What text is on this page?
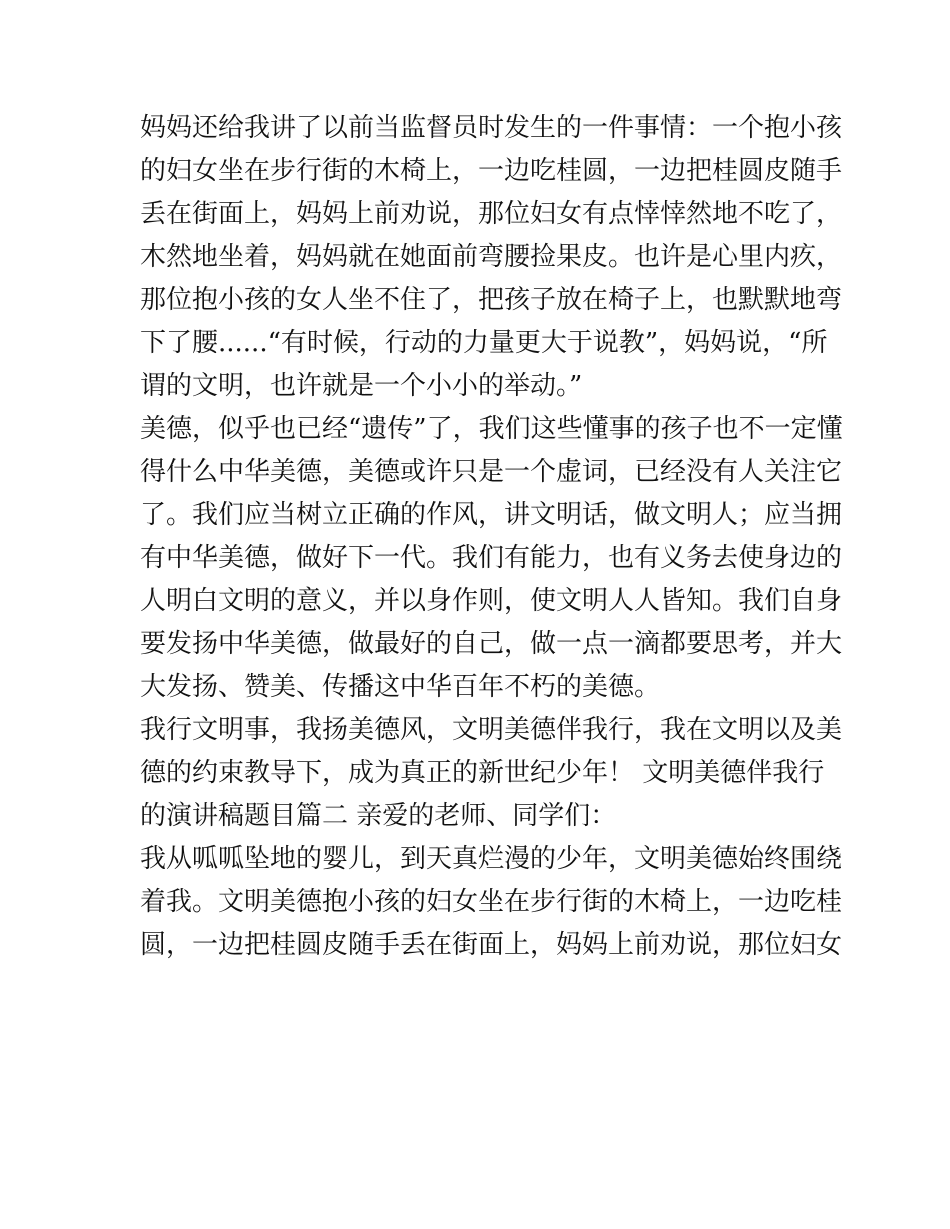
妈妈还给我讲了以前当监督员时发生的一件事情：一个抱小孩
的妇女坐在步行街的木椅上，一边吃桂圆，一边把桂圆皮随手
丢在街面上，妈妈上前劝说，那位妇女有点悻悻然地不吃了，
木然地坐着，妈妈就在她面前弯腰捡果皮。也许是心里内疚，
那位抱小孩的女人坐不住了，把孩子放在椅子上，也默默地弯
下了腰......“有时候，行动的力量更大于说教”，妈妈说，“所
谓的文明，也许就是一个小小的举动。”
美德，似乎也已经“遗传”了，我们这些懂事的孩子也不一定懂
得什么中华美德，美德或许只是一个虚词，已经没有人关注它
了。我们应当树立正确的作风，讲文明话，做文明人；应当拥
有中华美德，做好下一代。我们有能力，也有义务去使身边的
人明白文明的意义，并以身作则，使文明人人皆知。我们自身
要发扬中华美德，做最好的自己，做一点一滴都要思考，并大
大发扬、赞美、传播这中华百年不朽的美德。
我行文明事，我扬美德风，文明美德伴我行，我在文明以及美
德的约束教导下，成为真正的新世纪少年！ 文明美德伴我行
的演讲稿题目篇二 亲爱的老师、同学们：
我从呱呱坠地的婴儿，到天真烂漫的少年，文明美德始终围绕
着我。文明美德抱小孩的妇女坐在步行街的木椅上，一边吃桂
圆，一边把桂圆皮随手丢在街面上，妈妈上前劝说，那位妇女
